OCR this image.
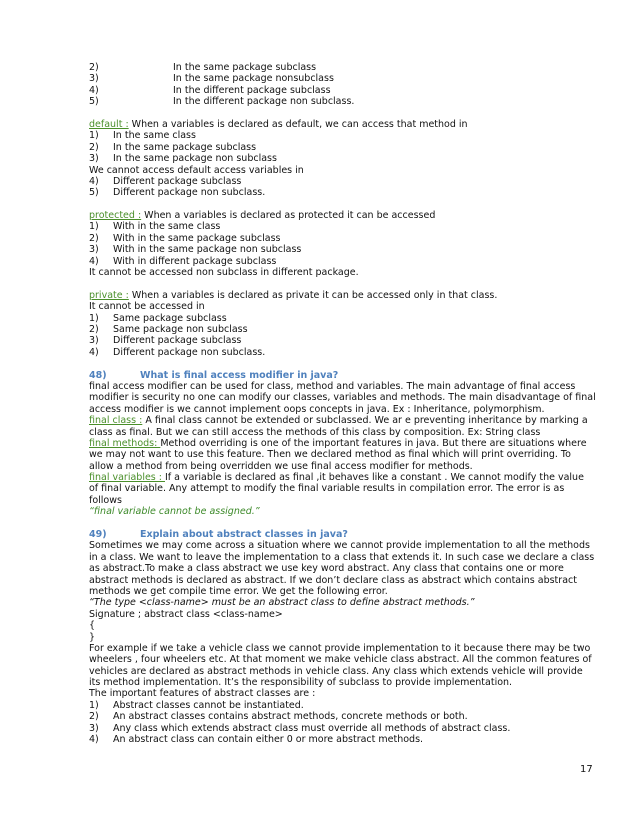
2)	In the same package subclass
3)	In the same package nonsubclass
4)	In the different package subclass
5)	In the different package non subclass.
default : When a variables is declared as default, we can access that method in
1) In the same class
2) In the same package subclass
3) In the same package non subclass
We cannot access default access variables in
4) Different package subclass
5) Different package non subclass.
protected : When a variables is declared as protected it can be accessed
1) With in the same class
2) With in the same package subclass
3) With in the same package non subclass
4) With in different package subclass
It cannot be accessed non subclass in different package.
private : When a variables is declared as private it can be accessed only in that class.
It cannot be accessed in
1) Same package subclass
2) Same package non subclass
3) Different package subclass
4) Different package non subclass.
48)	What is final access modifier in java?
final access modifier can be used for class, method and variables. The main advantage of final access
modifier is security no one can modify our classes, variables and methods. The main disadvantage of final
access modifier is we cannot implement oops concepts in java. Ex : Inheritance, polymorphism.
final class : A final class cannot be extended or subclassed. We ar e preventing inheritance by marking a
class as final. But we can still access the methods of this class by composition. Ex: String class
final methods: Method overriding is one of the important features in java. But there are situations where
we may not want to use this feature. Then we declared method as final which will print overriding. To
allow a method from being overridden we use final access modifier for methods.
final variables : If a variable is declared as final ,it behaves like a constant . We cannot modify the value
of final variable. Any attempt to modify the final variable results in compilation error. The error is as
follows
“final variable cannot be assigned.”
49)	Explain about abstract classes in java?
Sometimes we may come across a situation where we cannot provide implementation to all the methods
in a class. We want to leave the implementation to a class that extends it. In such case we declare a class
as abstract.To make a class abstract we use key word abstract. Any class that contains one or more
abstract methods is declared as abstract. If we don’t declare class as abstract which contains abstract
methods we get compile time error. We get the following error.
“The type <class-name> must be an abstract class to define abstract methods.”
Signature ; abstract class <class-name>
{
}
For example if we take a vehicle class we cannot provide implementation to it because there may be two
wheelers , four wheelers etc. At that moment we make vehicle class abstract. All the common features of
vehicles are declared as abstract methods in vehicle class. Any class which extends vehicle will provide
its method implementation. It’s the responsibility of subclass to provide implementation.
The important features of abstract classes are :
1) Abstract classes cannot be instantiated.
2) An abstract classes contains abstract methods, concrete methods or both.
3) Any class which extends abstract class must override all methods of abstract class.
4) An abstract class can contain either 0 or more abstract methods.
17
